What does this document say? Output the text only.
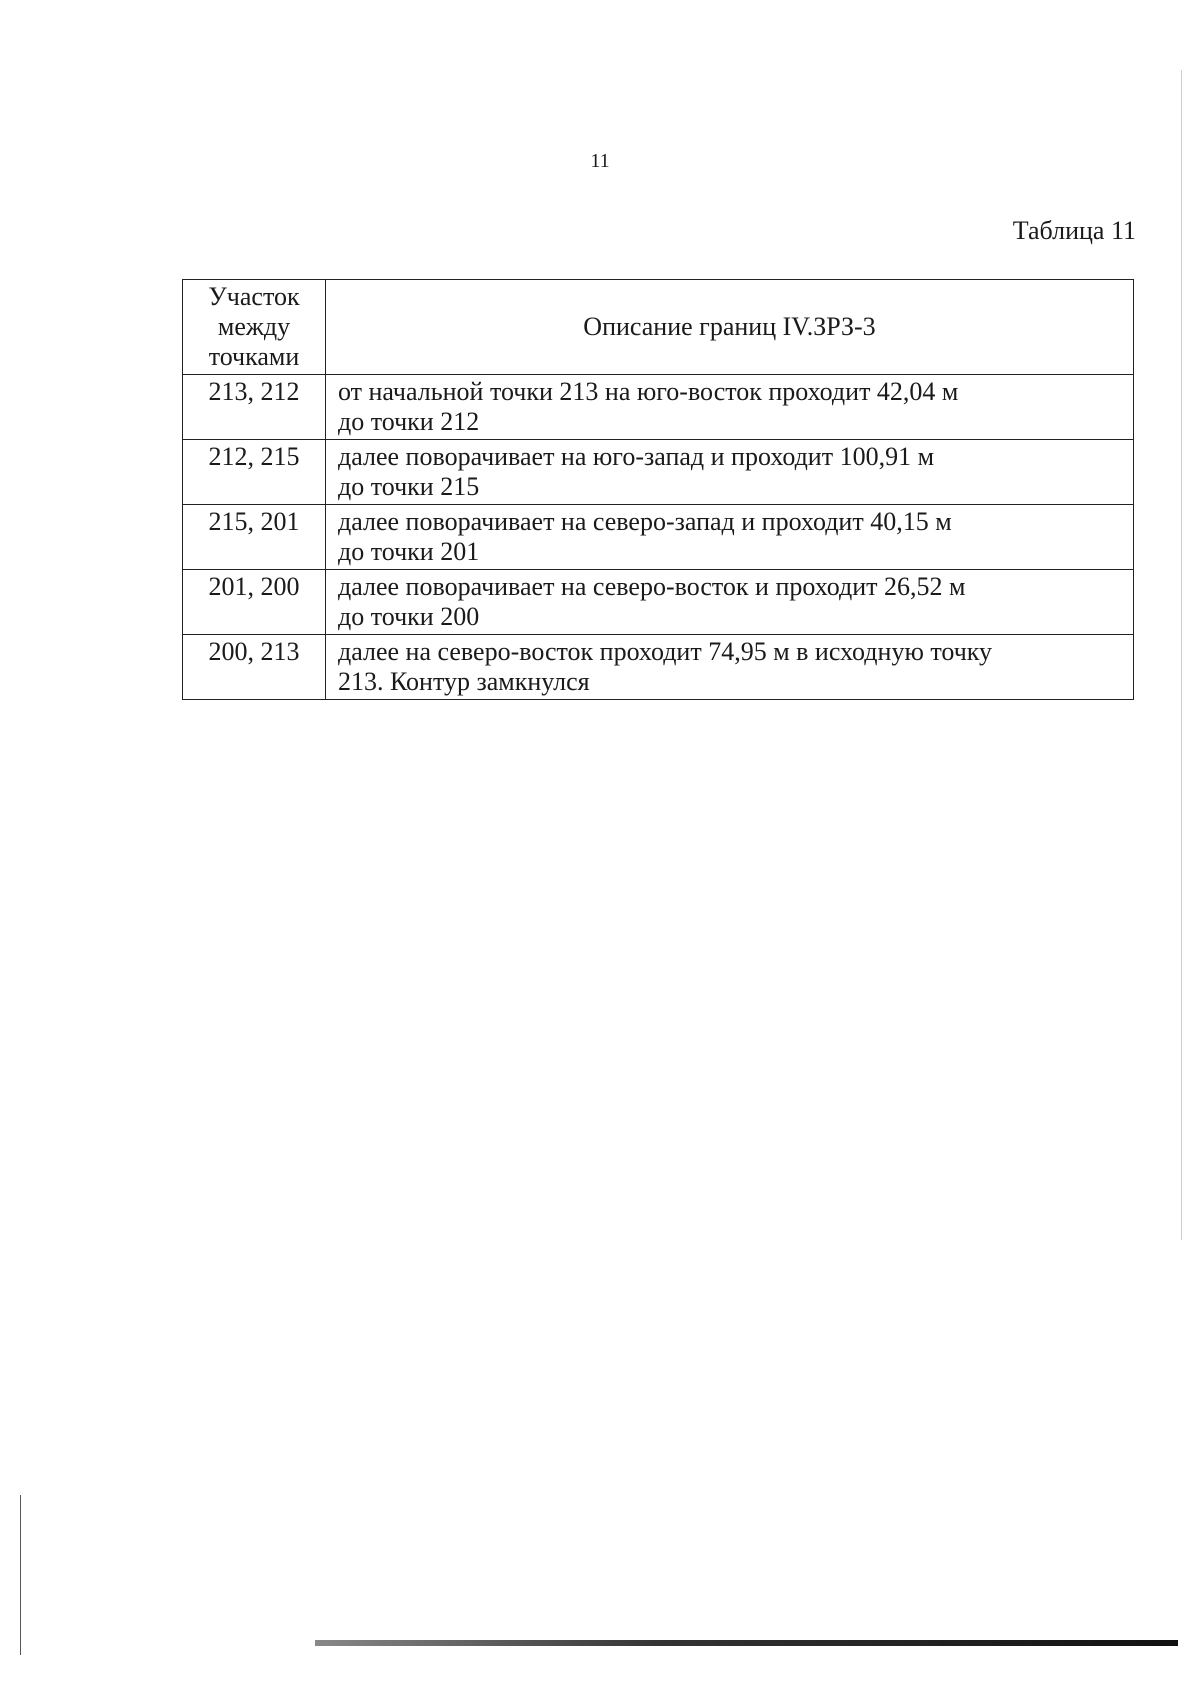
11
Таблица 11
Участок
между
точками	Описание границ IV.ЗРЗ-3
213, 212	от начальной точки 213 на юго-восток проходит 42,04 м
до точки 212

212, 215	далее поворачивает на юго-запад и проходит 100,91 м
до точки 215

215, 201	далее поворачивает на северо-запад и проходит 40,15 м
до точки 201

201, 200	далее поворачивает на северо-восток и проходит 26,52 м
до точки 200

200, 213	далее на северо-восток проходит 74,95 м в исходную точку
213. Контур замкнулся
